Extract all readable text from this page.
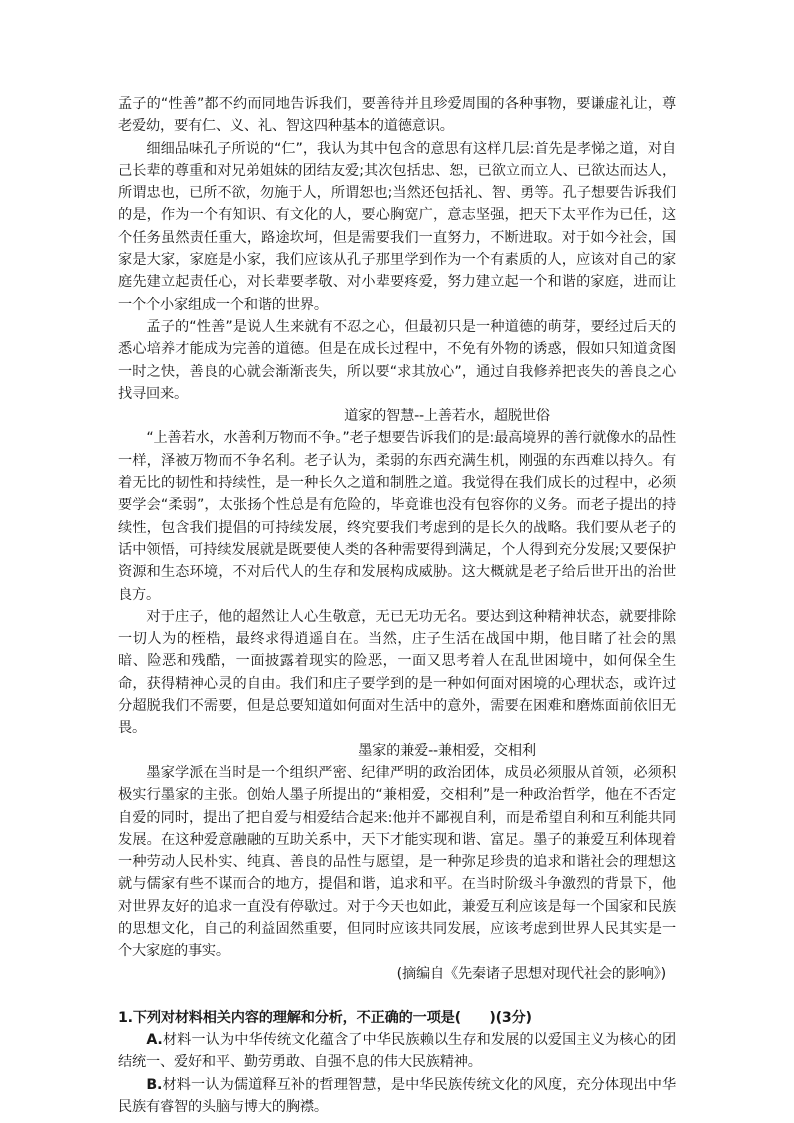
孟子的“性善”都不约而同地告诉我们，要善待并且珍爱周围的各种事物，要谦虚礼让，尊老爱幼，要有仁、义、礼、智这四种基本的道德意识。

细细品味孔子所说的“仁”，我认为其中包含的意思有这样几层:首先是孝悌之道，对自己长辈的尊重和对兄弟姐妹的团结友爱;其次包括忠、恕，已欲立而立人、已欲达而达人，所谓忠也，已所不欲，勿施于人，所谓恕也;当然还包括礼、智、勇等。孔子想要告诉我们的是，作为一个有知识、有文化的人，要心胸宽广，意志坚强，把天下太平作为已任，这个任务虽然责任重大，路途坎坷，但是需要我们一直努力，不断进取。对于如今社会，国家是大家，家庭是小家，我们应该从孔子那里学到作为一个有素质的人，应该对自己的家庭先建立起责任心，对长辈要孝敬、对小辈要疼爱，努力建立起一个和谐的家庭，进而让一个个小家组成一个和谐的世界。

孟子的“性善”是说人生来就有不忍之心，但最初只是一种道德的萌芽，要经过后天的悉心培养才能成为完善的道德。但是在成长过程中，不免有外物的诱惑，假如只知道贪图一时之快，善良的心就会渐渐丧失，所以要“求其放心”，通过自我修养把丧失的善良之心找寻回来。

道家的智慧--上善若水，超脱世俗

“上善若水，水善利万物而不争。”老子想要告诉我们的是:最高境界的善行就像水的品性一样，泽被万物而不争名利。老子认为，柔弱的东西充满生机，刚强的东西难以持久。有着无比的韧性和持续性，是一种长久之道和制胜之道。我觉得在我们成长的过程中，必须要学会“柔弱”，太张扬个性总是有危险的，毕竟谁也没有包容你的义务。而老子提出的持续性，包含我们提倡的可持续发展，终究要我们考虑到的是长久的战略。我们要从老子的话中领悟，可持续发展就是既要使人类的各种需要得到满足，个人得到充分发展;又要保护资源和生态环境，不对后代人的生存和发展构成威胁。这大概就是老子给后世开出的治世良方。

对于庄子，他的超然让人心生敬意，无已无功无名。要达到这种精神状态，就要排除一切人为的桎梏，最终求得逍遥自在。当然，庄子生活在战国中期，他目睹了社会的黑暗、险恶和残酷，一面披露着现实的险恶，一面又思考着人在乱世困境中，如何保全生命，获得精神心灵的自由。我们和庄子要学到的是一种如何面对困境的心理状态，或许过分超脱我们不需要，但是总要知道如何面对生活中的意外，需要在困难和磨炼面前依旧无畏。

墨家的兼爱--兼相爱，交相利

墨家学派在当时是一个组织严密、纪律严明的政治团体，成员必须服从首领，必须积极实行墨家的主张。创始人墨子所提出的“兼相爱，交相利”是一种政治哲学，他在不否定自爱的同时，提出了把自爱与相爱结合起来:他并不鄙视自利，而是希望自利和互利能共同发展。在这种爱意融融的互助关系中，天下才能实现和谐、富足。墨子的兼爱互利体现着一种劳动人民朴实、纯真、善良的品性与愿望，是一种弥足珍贵的追求和谐社会的理想这就与儒家有些不谋而合的地方，提倡和谐，追求和平。在当时阶级斗争激烈的背景下，他对世界友好的追求一直没有停歇过。对于今天也如此，兼爱互利应该是每一个国家和民族的思想文化，自己的利益固然重要，但同时应该共同发展，应该考虑到世界人民其实是一个大家庭的事实。

(摘编自《先秦诸子思想对现代社会的影响》)

1.下列对材料相关内容的理解和分析，不正确的一项是( )(3分)

A.材料一认为中华传统文化蕴含了中华民族赖以生存和发展的以爱国主义为核心的团结统一、爱好和平、勤劳勇敢、自强不息的伟大民族精神。

B.材料一认为儒道释互补的哲理智慧，是中华民族传统文化的风度，充分体现出中华民族有睿智的头脑与博大的胸襟。
